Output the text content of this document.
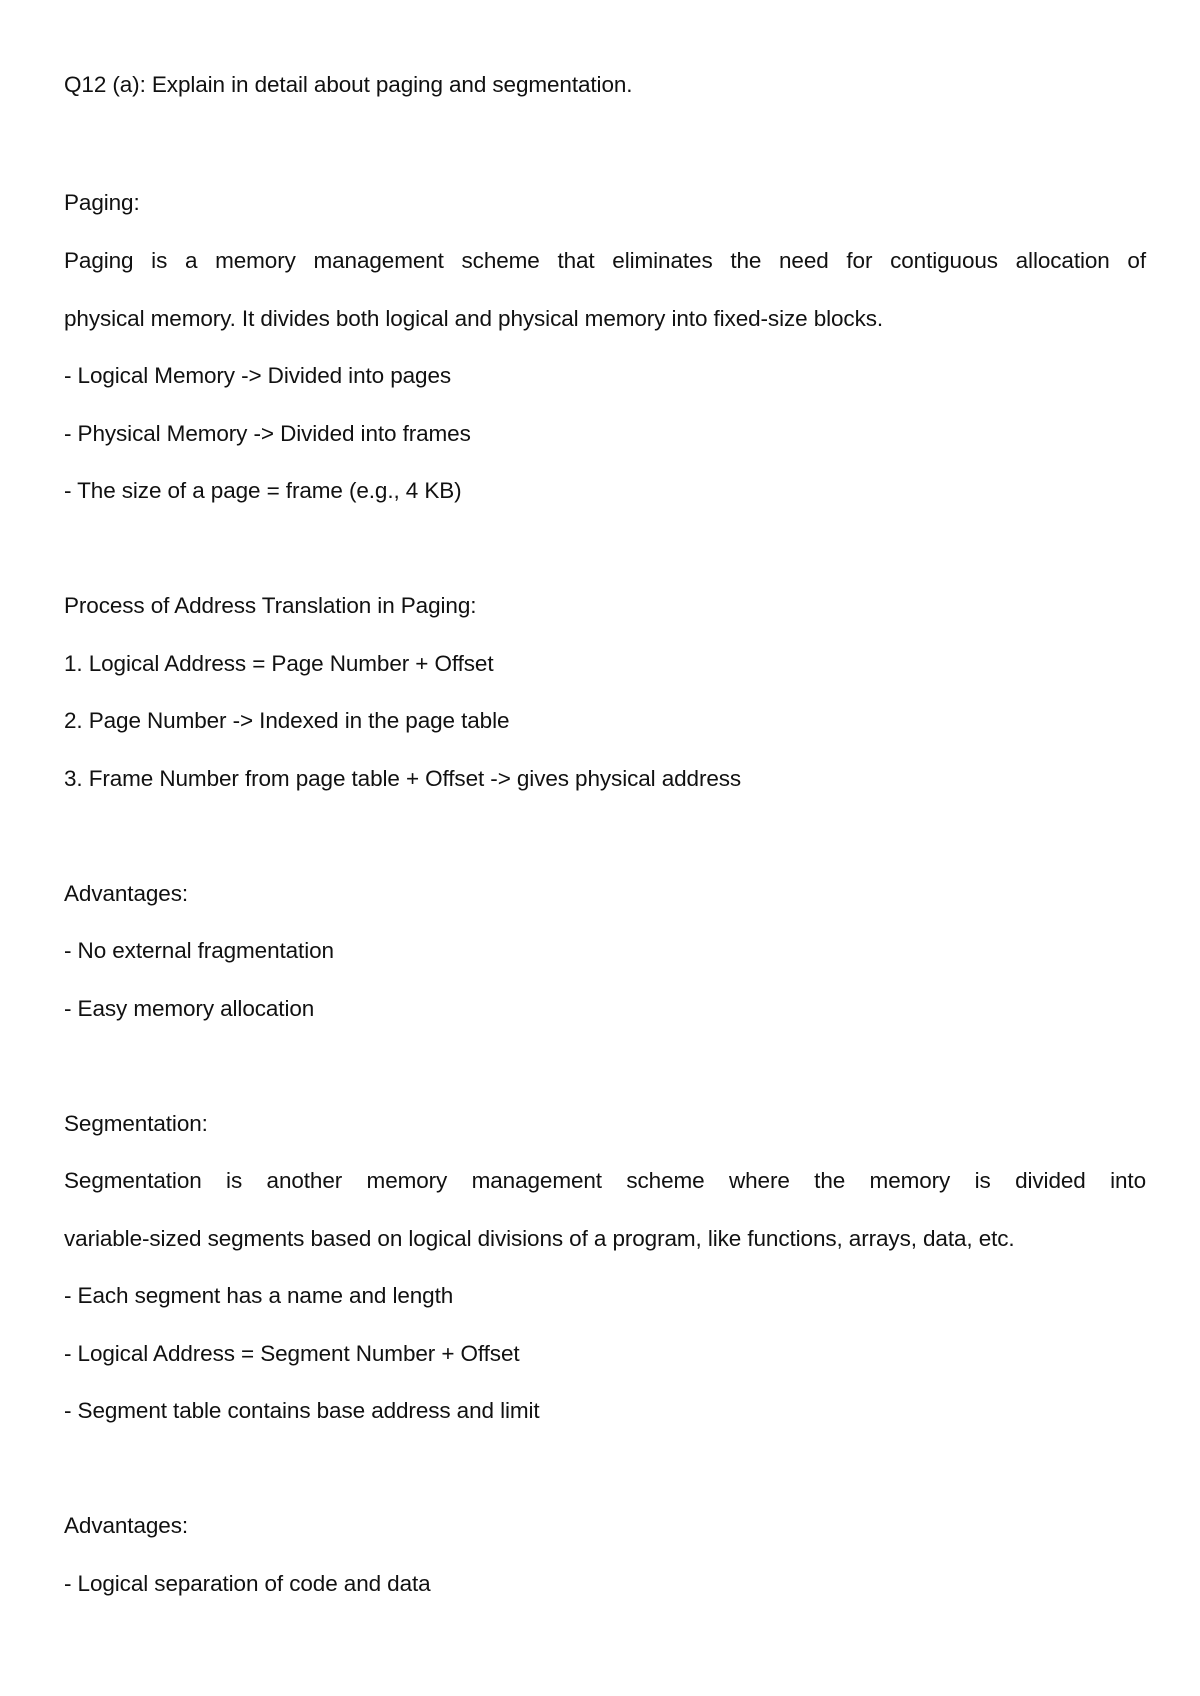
Q12 (a): Explain in detail about paging and segmentation.
Paging:
Paging is a memory management scheme that eliminates the need for contiguous allocation of
physical memory. It divides both logical and physical memory into fixed-size blocks.
- Logical Memory -> Divided into pages
- Physical Memory -> Divided into frames
- The size of a page = frame (e.g., 4 KB)
Process of Address Translation in Paging:
1. Logical Address = Page Number + Offset
2. Page Number -> Indexed in the page table
3. Frame Number from page table + Offset -> gives physical address
Advantages:
- No external fragmentation
- Easy memory allocation
Segmentation:
Segmentation is another memory management scheme where the memory is divided into
variable-sized segments based on logical divisions of a program, like functions, arrays, data, etc.
- Each segment has a name and length
- Logical Address = Segment Number + Offset
- Segment table contains base address and limit
Advantages:
- Logical separation of code and data
